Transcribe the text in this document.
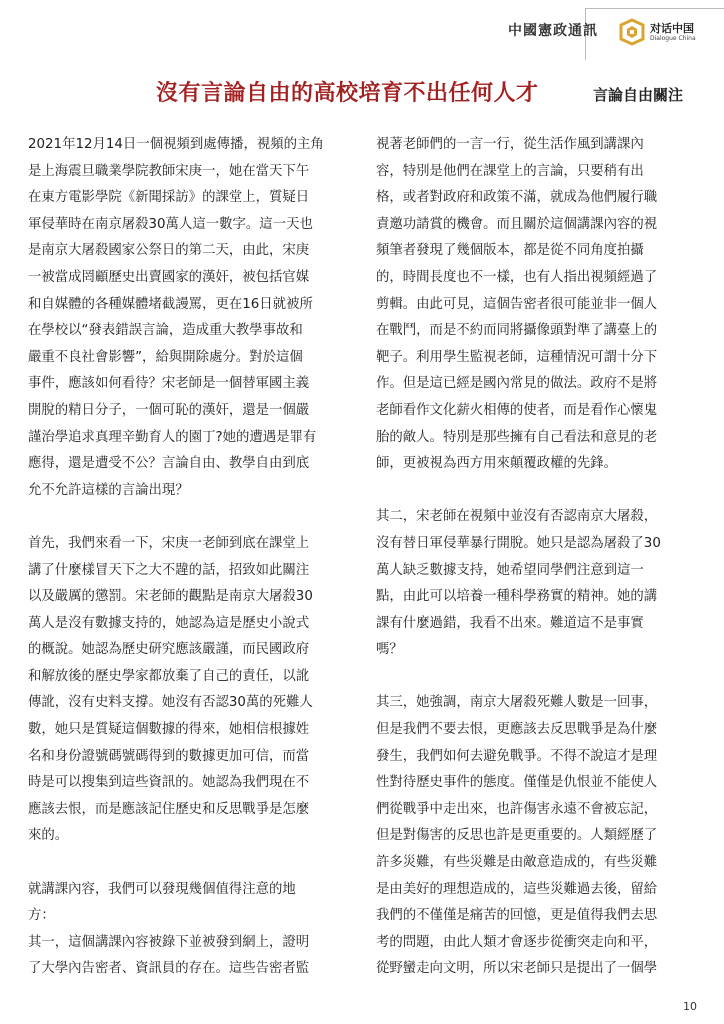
中國憲政通訊	对话中国
Dialogue China
沒有言論自由的高校培育不出任何人才	言論自由關注

2021年12月14日一個視頻到處傳播，視頻的主角
是上海震旦職業學院教師宋庚一，她在當天下午
在東方電影學院《新聞採訪》的課堂上，質疑日
軍侵華時在南京屠殺30萬人這一數字。這一天也
是南京大屠殺國家公祭日的第二天，由此，宋庚
一被當成罔顧歷史出賣國家的漢奸，被包括官媒
和自媒體的各種媒體堵截謾罵，更在16日就被所
在學校以“發表錯誤言論，造成重大教學事故和
嚴重不良社會影響”，給與開除處分。對於這個
事件，應該如何看待？宋老師是一個替軍國主義
開脫的精日分子，一個可恥的漢奸，還是一個嚴
謹治學追求真理辛勤育人的園丁?她的遭遇是罪有
應得，還是遭受不公？言論自由、教學自由到底
允不允許這樣的言論出現？

首先，我們來看一下，宋庚一老師到底在課堂上
講了什麼樣冒天下之大不韙的話，招致如此關注
以及嚴厲的懲罰。宋老師的觀點是南京大屠殺30
萬人是沒有數據支持的，她認為這是歷史小說式
的概說。她認為歷史研究應該嚴謹，而民國政府
和解放後的歷史學家都放棄了自己的責任，以訛
傳訛，沒有史料支撐。她沒有否認30萬的死難人
數，她只是質疑這個數據的得來，她相信根據姓
名和身份證號碼號碼得到的數據更加可信，而當
時是可以搜集到這些資訊的。她認為我們現在不
應該去恨，而是應該記住歷史和反思戰爭是怎麼
來的。

就講課內容，我們可以發現幾個值得注意的地
方：

其一，這個講課內容被錄下並被發到網上，證明
了大學內告密者、資訊員的存在。這些告密者監

視著老師們的一言一行，從生活作風到講課內
容，特別是他們在課堂上的言論，只要稍有出
格，或者對政府和政策不滿，就成為他們履行職
責邀功請賞的機會。而且關於這個講課內容的視
頻筆者發現了幾個版本，都是從不同角度拍攝
的，時間長度也不一樣，也有人指出視頻經過了
剪輯。由此可見，這個告密者很可能並非一個人
在戰鬥，而是不約而同將攝像頭對準了講臺上的
靶子。利用學生監視老師，這種情況可謂十分下
作。但是這已經是國內常見的做法。政府不是將
老師看作文化薪火相傳的使者，而是看作心懷鬼
胎的敵人。特別是那些擁有自己看法和意見的老
師，更被視為西方用來顛覆政權的先鋒。

其二，宋老師在視頻中並沒有否認南京大屠殺，
沒有替日軍侵華暴行開脫。她只是認為屠殺了30
萬人缺乏數據支持，她希望同學們注意到這一
點，由此可以培養一種科學務實的精神。她的講
課有什麼過錯，我看不出來。難道這不是事實
嗎？

其三，她強調，南京大屠殺死難人數是一回事，
但是我們不要去恨，更應該去反思戰爭是為什麼
發生，我們如何去避免戰爭。不得不說這才是理
性對待歷史事件的態度。僅僅是仇恨並不能使人
們從戰爭中走出來，也許傷害永遠不會被忘記，
但是對傷害的反思也許是更重要的。人類經歷了
許多災難，有些災難是由敵意造成的，有些災難
是由美好的理想造成的，這些災難過去後，留給
我們的不僅僅是痛苦的回憶，更是值得我們去思
考的問題，由此人類才會逐步從衝突走向和平，
從野蠻走向文明，所以宋老師只是提出了一個學

10
